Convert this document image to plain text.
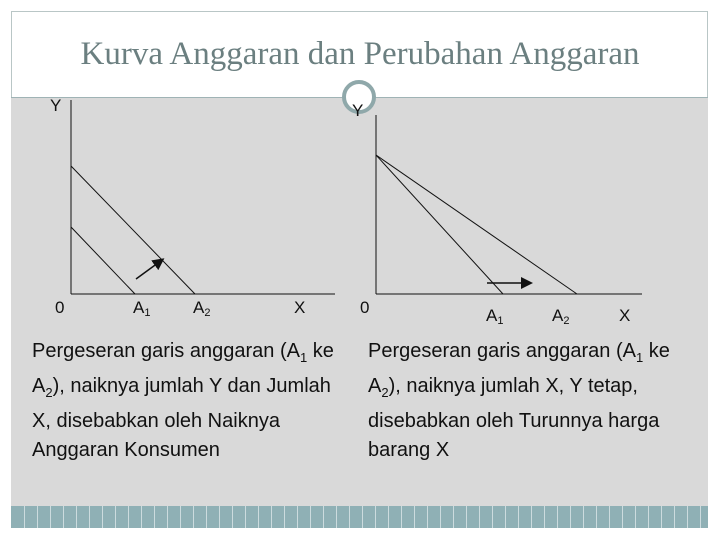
Kurva Anggaran dan Perubahan Anggaran
Y
0	$A_1$	$A_2$	X
Y
0	$A_1$	$A_2$	X
Pergeseran garis anggaran ($A_1$ ke $A_2$), naiknya jumlah Y dan Jumlah X, disebabkan oleh Naiknya Anggaran Konsumen
Pergeseran garis anggaran ($A_1$ ke $A_2$), naiknya jumlah X, Y tetap, disebabkan oleh Turunnya harga barang X
